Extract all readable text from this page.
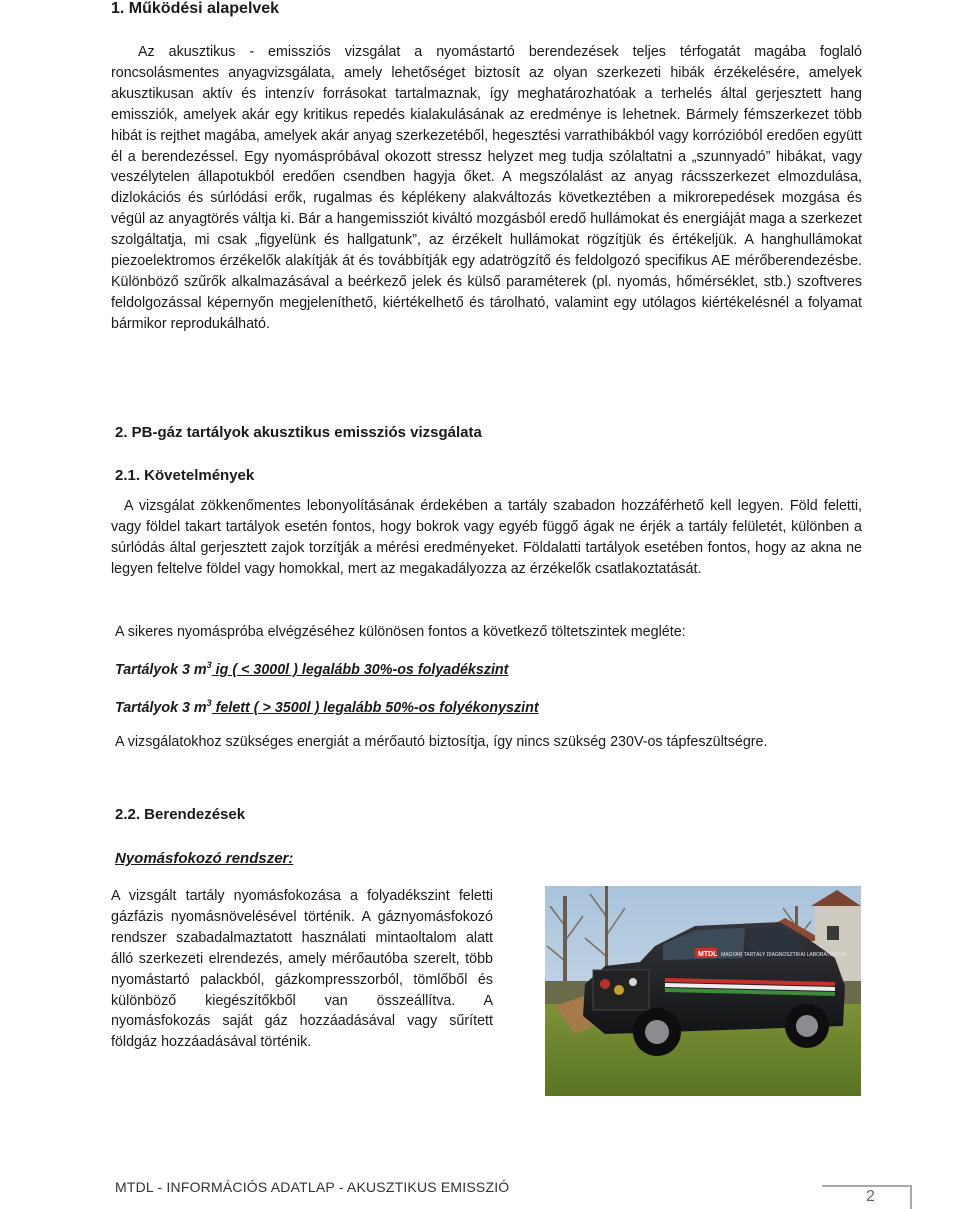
1. Működési alapelvek

Az akusztikus - emissziós vizsgálat a nyomástartó berendezések teljes térfogatát magába foglaló roncsolásmentes anyagvizsgálata, amely lehetőséget biztosít az olyan szerkezeti hibák érzékelésére, amelyek akusztikusan aktív és intenzív forrásokat tartalmaznak, így meghatározhatóak a terhelés által gerjesztett hang emissziók, amelyek akár egy kritikus repedés kialakulásának az eredménye is lehetnek. Bármely fémszerkezet több hibát is rejthet magába, amelyek akár anyag szerkezetéből, hegesztési varrathibákból vagy korrózióból eredően együtt él a berendezéssel. Egy nyomáspróbával okozott stressz helyzet meg tudja szólaltatni a „szunnyadó” hibákat, vagy veszélytelen állapotukból eredően csendben hagyja őket. A megszólalást az anyag rácsszerkezet elmozdulása, dizlokációs és súrlódási erők, rugalmas és képlékeny alakváltozás következtében a mikrorepedések mozgása és végül az anyagtörés váltja ki. Bár a hangemissziót kiváltó mozgásból eredő hullámokat és energiáját maga a szerkezet szolgáltatja, mi csak „figyelünk és hallgatunk”, az érzékelt hullámokat rögzítjük és értékeljük. A hanghullámokat piezoelektromos érzékelők alakítják át és továbbítják egy adatrögzítő és feldolgozó specifikus AE mérőberendezésbe. Különböző szűrők alkalmazásával a beérkező jelek és külső paraméterek (pl. nyomás, hőmérséklet, stb.) szoftveres feldolgozással képernyőn megjeleníthető, kiértékelhető és tárolható, valamint egy utólagos kiértékelésnél a folyamat bármikor reprodukálható.

2. PB-gáz tartályok akusztikus emissziós vizsgálata

2.1. Követelmények

A vizsgálat zökkenőmentes lebonyolításának érdekében a tartály szabadon hozzáférhető kell legyen. Föld feletti, vagy földel takart tartályok esetén fontos, hogy bokrok vagy egyéb függő ágak ne érjék a tartály felületét, különben a súrlódás által gerjesztett zajok torzítják a mérési eredményeket. Földalatti tartályok esetében fontos, hogy az akna ne legyen feltelve földel vagy homokkal, mert az megakadályozza az érzékelők csatlakoztatását.

A sikeres nyomáspróba elvégzéséhez különösen fontos a következő töltetszintek megléte:

Tartályok 3 $m^3$ ig ( < 3000l ) legalább 30%-os folyadékszint

Tartályok 3 $m^3$ felett ( > 3500l ) legalább 50%-os folyékonyszint

A vizsgálatokhoz szükséges energiát a mérőautó biztosítja, így nincs szükség 230V-os tápfeszültségre.

2.2. Berendezések

Nyomásfokozó rendszer:

A vizsgált tartály nyomásfokozása a folyadékszint feletti gázfázis nyomásnövelésével történik. A gáznyomásfokozó rendszer szabadalmaztatott használati mintaoltalom alatt álló szerkezeti elrendezés, amely mérőautóba szerelt, több nyomástartó palackból, gázkompresszorból, tömlőből és különböző kiegészítőkből van összeállítva. A nyomásfokozás saját gáz hozzáadásával vagy sűrített földgáz hozzáadásával történik.

MTDL MAGYAR TARTÁLY DIAGNOSZTIKAI LABORATÓRIUM
MTDL - INFORMÁCIÓS ADATLAP - AKUSZTIKUS EMISSZIÓ
2
